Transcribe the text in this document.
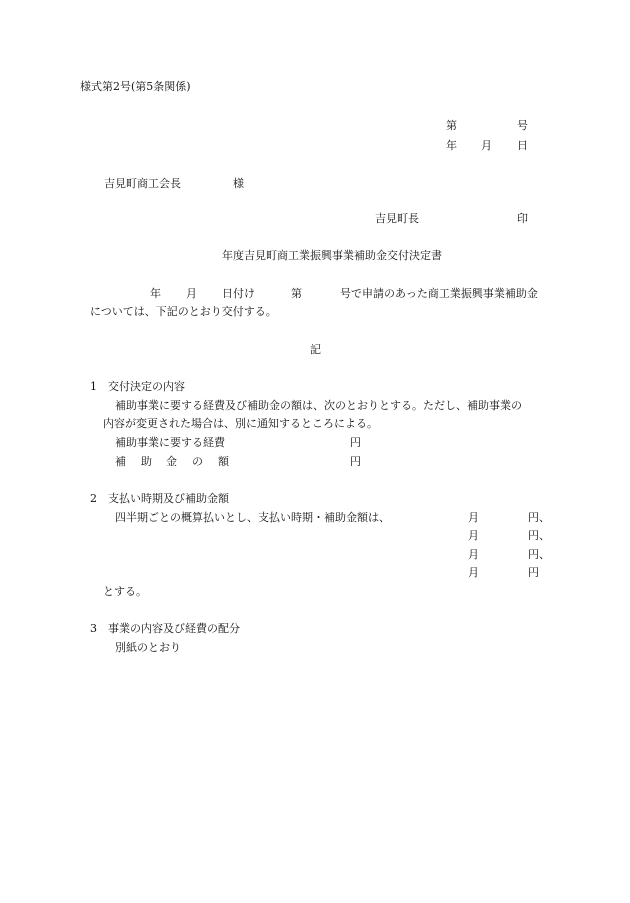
様式第2号(第5条関係)
第	号
年 月 日
吉見町商工会長	様
吉見町長	印
年度吉見町商工業振興事業補助金交付決定書
年 月 日付け	第	号で申請のあった商工業振興事業補助金
については、下記のとおり交付する。
記
1　交付決定の内容
補助事業に要する経費及び補助金の額は、次のとおりとする。ただし、補助事業の
内容が変更された場合は、別に通知するところによる。
補助事業に要する経費	円
補 助 金 の 額	円
2　支払い時期及び補助金額
四半期ごとの概算払いとし、支払い時期・補助金額は、	月	円、
月	円、
月	円、
月	円
とする。
3　事業の内容及び経費の配分
別紙のとおり
